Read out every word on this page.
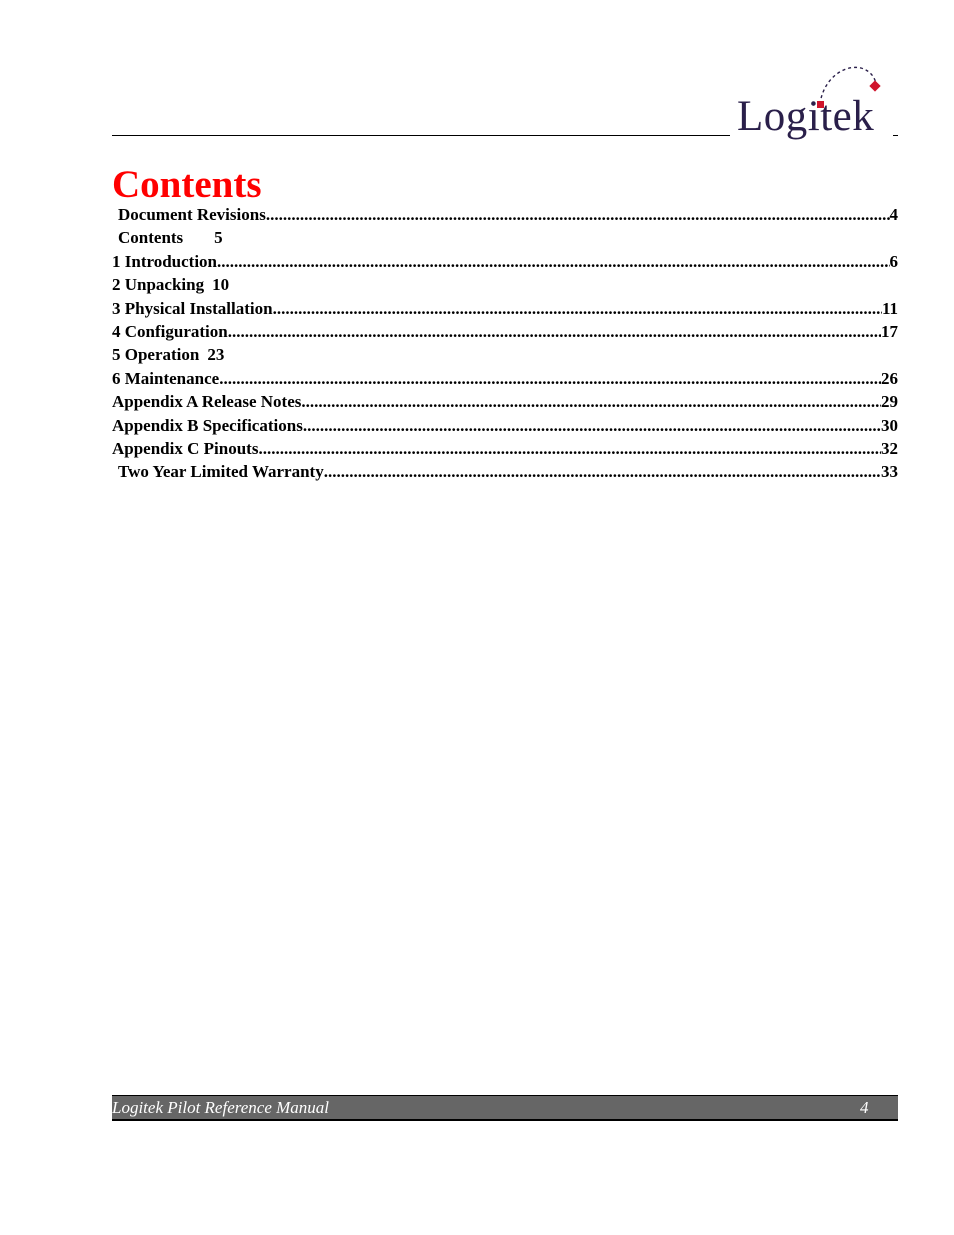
Logitek
Contents
Document Revisions .....	4
Contents 5
1 Introduction .....	6
2 Unpacking 10
3 Physical Installation .....	11
4 Configuration .....	17
5 Operation 23
6 Maintenance .....	26
Appendix A Release Notes .....	29
Appendix B Specifications .....	30
Appendix C Pinouts .....	32
Two Year Limited Warranty .....	33
Logitek Pilot Reference Manual	4
